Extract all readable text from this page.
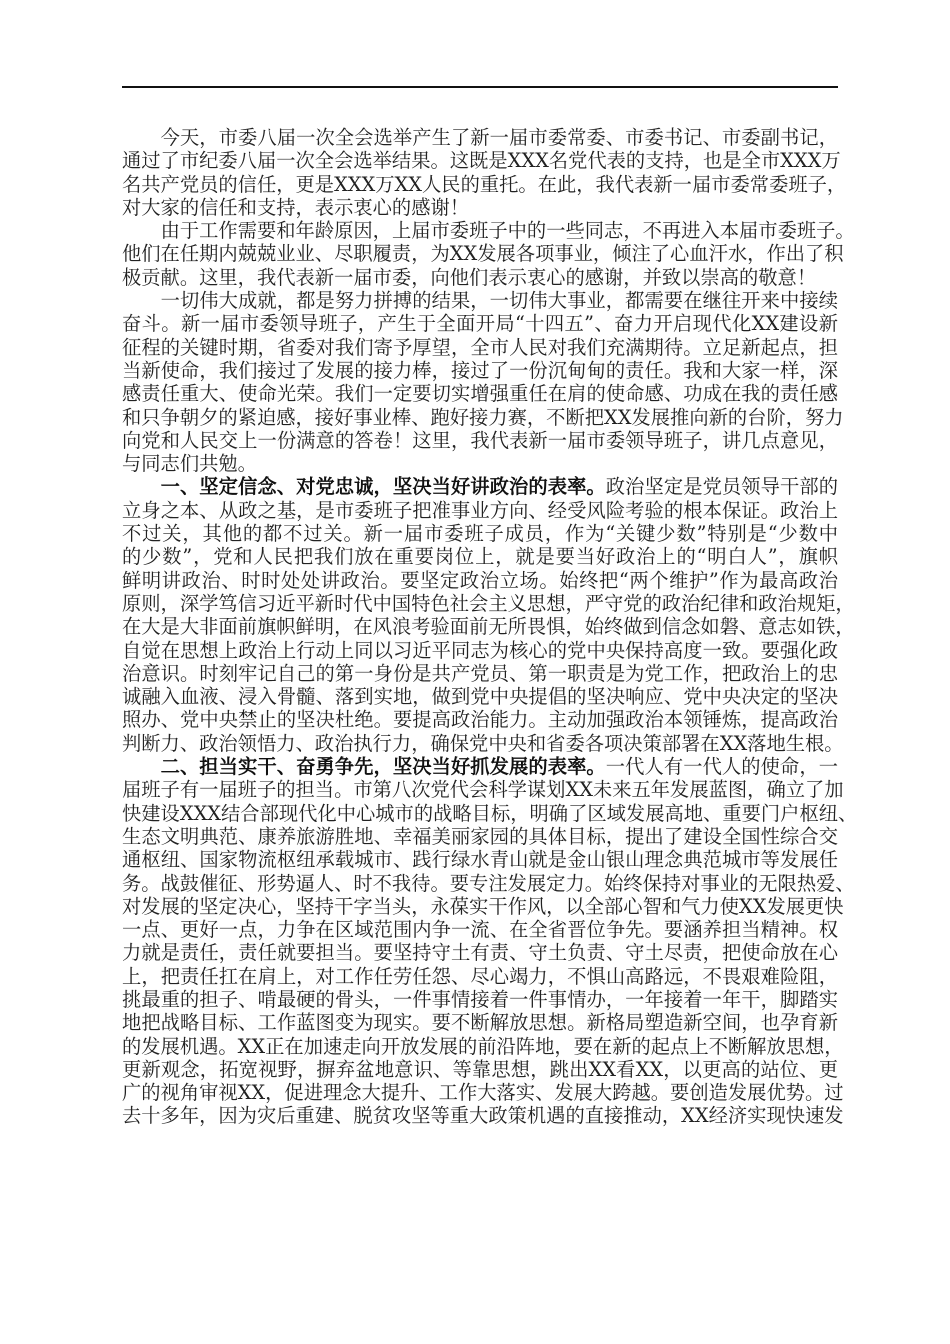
今天，市委八届一次全会选举产生了新一届市委常委、市委书记、市委副书记，
通过了市纪委八届一次全会选举结果。这既是XXX名党代表的支持，也是全市XXX万
名共产党员的信任，更是XXX万XX人民的重托。在此，我代表新一届市委常委班子，
对大家的信任和支持，表示衷心的感谢！
由于工作需要和年龄原因，上届市委班子中的一些同志，不再进入本届市委班子。
他们在任期内兢兢业业、尽职履责，为XX发展各项事业，倾注了心血汗水，作出了积
极贡献。这里，我代表新一届市委，向他们表示衷心的感谢，并致以崇高的敬意！
一切伟大成就，都是努力拼搏的结果，一切伟大事业，都需要在继往开来中接续
奋斗。新一届市委领导班子，产生于全面开局“十四五”、奋力开启现代化XX建设新
征程的关键时期，省委对我们寄予厚望，全市人民对我们充满期待。立足新起点，担
当新使命，我们接过了发展的接力棒，接过了一份沉甸甸的责任。我和大家一样，深
感责任重大、使命光荣。我们一定要切实增强重任在肩的使命感、功成在我的责任感
和只争朝夕的紧迫感，接好事业棒、跑好接力赛，不断把XX发展推向新的台阶，努力
向党和人民交上一份满意的答卷！这里，我代表新一届市委领导班子，讲几点意见，
与同志们共勉。
一、坚定信念、对党忠诚，坚决当好讲政治的表率。政治坚定是党员领导干部的
立身之本、从政之基，是市委班子把准事业方向、经受风险考验的根本保证。政治上
不过关，其他的都不过关。新一届市委班子成员，作为“关键少数”特别是“少数中
的少数”，党和人民把我们放在重要岗位上，就是要当好政治上的“明白人”，旗帜
鲜明讲政治、时时处处讲政治。要坚定政治立场。始终把“两个维护”作为最高政治
原则，深学笃信习近平新时代中国特色社会主义思想，严守党的政治纪律和政治规矩，
在大是大非面前旗帜鲜明，在风浪考验面前无所畏惧，始终做到信念如磐、意志如铁，
自觉在思想上政治上行动上同以习近平同志为核心的党中央保持高度一致。要强化政
治意识。时刻牢记自己的第一身份是共产党员、第一职责是为党工作，把政治上的忠
诚融入血液、浸入骨髓、落到实地，做到党中央提倡的坚决响应、党中央决定的坚决
照办、党中央禁止的坚决杜绝。要提高政治能力。主动加强政治本领锤炼，提高政治
判断力、政治领悟力、政治执行力，确保党中央和省委各项决策部署在XX落地生根。
二、担当实干、奋勇争先，坚决当好抓发展的表率。一代人有一代人的使命，一
届班子有一届班子的担当。市第八次党代会科学谋划XX未来五年发展蓝图，确立了加
快建设XXX结合部现代化中心城市的战略目标，明确了区域发展高地、重要门户枢纽、
生态文明典范、康养旅游胜地、幸福美丽家园的具体目标，提出了建设全国性综合交
通枢纽、国家物流枢纽承载城市、践行绿水青山就是金山银山理念典范城市等发展任
务。战鼓催征、形势逼人、时不我待。要专注发展定力。始终保持对事业的无限热爱、
对发展的坚定决心，坚持干字当头，永葆实干作风，以全部心智和气力使XX发展更快
一点、更好一点，力争在区域范围内争一流、在全省晋位争先。要涵养担当精神。权
力就是责任，责任就要担当。要坚持守土有责、守土负责、守土尽责，把使命放在心
上，把责任扛在肩上，对工作任劳任怨、尽心竭力，不惧山高路远，不畏艰难险阻，
挑最重的担子、啃最硬的骨头，一件事情接着一件事情办，一年接着一年干，脚踏实
地把战略目标、工作蓝图变为现实。要不断解放思想。新格局塑造新空间，也孕育新
的发展机遇。XX正在加速走向开放发展的前沿阵地，要在新的起点上不断解放思想，
更新观念，拓宽视野，摒弃盆地意识、等靠思想，跳出XX看XX，以更高的站位、更
广的视角审视XX，促进理念大提升、工作大落实、发展大跨越。要创造发展优势。过
去十多年，因为灾后重建、脱贫攻坚等重大政策机遇的直接推动，XX经济实现快速发
